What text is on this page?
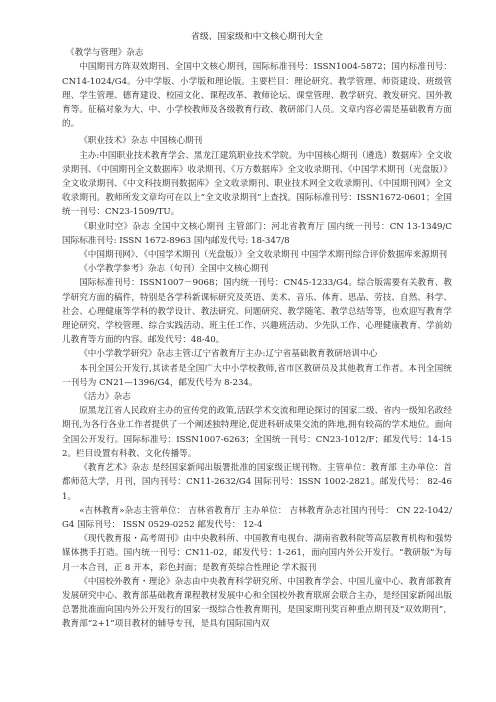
省级、国家级和中文核心期刊大全

《教学与管理》杂志

中国期刊方阵双效期刊、全国中文核心期刊，国际标准刊号：ISSN1004-5872；国内标准刊号：CN14-1024/G4。分中学版、小学版和理论版。主要栏目：理论研究、教学管理、师资建设、班级管理、学生管理、德育建设、校园文化、课程改革、教师论坛、课堂管理、教学研究、教发研究、国外教育等。征稿对象为大、中、小学校教师及各级教育行政、教研部门人员。文章内容必需是基础教育方面的。

《职业技术》杂志 中国核心期刊

主办:中国职业技术教育学会、黑龙江建筑职业技术学院。为中国核心期刊（遴选）数据库》全文收录期刊、《中国期刊全文数据库》收录期刊、《万方数据库》全文收录期刊、《中国学术期刊（光盘版）》全文收录期刊、《中文科技期刊数据库》全文收录期刊、职业技术网全文收录期刊、《中国期刊网》全文收录期刊。教师所发文章均可在以上“全文收录期刊”上查找。国际标准刊号：ISSN1672-0601；全国统一刊号：CN23-1509/TU。

《职业时空》杂志 全国中文核心期刊 主管部门：河北省教育厅 国内统一刊号：CN 13-1349/C 国际标准刊号: ISSN 1672-8963 国内邮发代号: 18-347/8

《中国期刊网》、《中国学术期刊（光盘版）》全文收录期刊 中国学术期刊综合评价数据库来源期刊

《小学教学参考》杂志（旬刊）全国中文核心期刊

国际标准刊号：ISSN1007－9068；国内统一刊号：CN45-1233/G4。综合版需要有关教育、教学研究方面的稿件，特别是各学科新课标研究及英语、美术、音乐、体育、思品、劳技、自然、科学、社会、心理健康等学科的教学设计、教法研究、问题研究、教学随笔、教学总结等等，也欢迎写教育学理论研究、学校管理、综合实践活动、班主任工作、兴趣班活动、少先队工作、心理健康教育、学前幼儿教育等方面的内容。邮发代号：48-40。

《中小学教学研究》杂志主管:辽宁省教育厅主办:辽宁省基础教育教研培训中心

本刊全国公开发行,其读者是全国广大中小学校教师,省市区教研员及其他教育工作者。本刊全国统一刊号为 CN21—1396/G4，邮发代号为 8-234。

《活力》杂志

原黑龙江省人民政府主办的宣传党的政策,活跃学术交流和理论探讨的国家二级、省内一级知名政经期刊,为各行各业工作者提供了一个阐述独特理论,促进科研成果交流的阵地,拥有较高的学术地位。面向全国公开发行。国际标准号：ISSN1007-6263；全国统一刊号：CN23-1012/F；邮发代号：14-152。栏目设置有科教、文化传播等。

《教育艺术》杂志 是经国家新闻出版署批准的国家级正规刊物。主管单位：教育部 主办单位：首都师范大学，月刊，国内刊号：CN11-2632/G4 国际刊号：ISSN 1002-2821。邮发代号： 82-461。

«吉林教育»杂志主管单位： 吉林省教育厅 主办单位： 吉林教育杂志社国内刊号： CN 22-1042/G4 国际刊号： ISSN 0529-0252 邮发代号： 12-4

《现代教育报・高考周刊》由中央教科所、中国教育电视台、湖南省教科院等高层教育机构和强势媒体携手打造。国内统一刊号：CN11-02，邮发代号：1-261，面向国内外公开发行。“教研版”为每月一本合刊，正 8 开本，彩色封面；是教育英综合性理论 学术报刊

《中国校外教育・理论》杂志由中央教育科学研究所、中国教育学会、中国儿童中心、教育部教育发展研究中心、教育部基础教育课程教材发展中心和全国校外教育联席会联合主办，是经国家新闻出版总署批准面向国内外公开发行的国家一级综合性教育期刊，是国家期刊奖百种重点期刊及“双效期刊”，教育部“2+1”项目教材的辅导专刊，是具有国际国内双
